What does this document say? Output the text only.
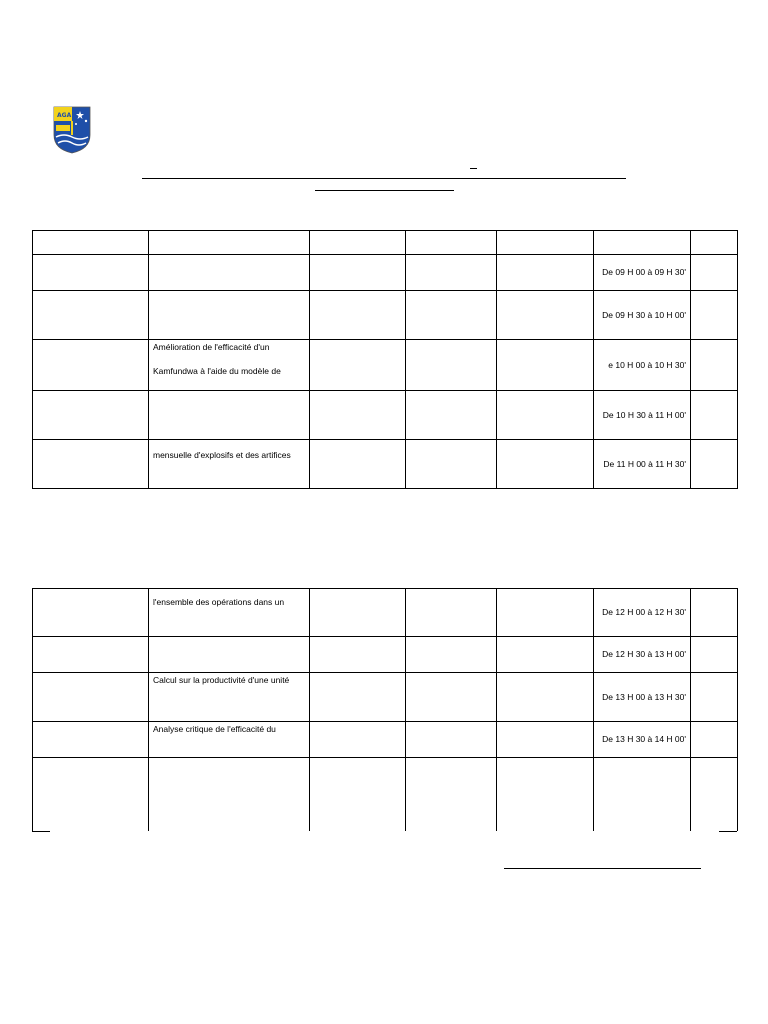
AGA

					De 09 H 00 à 09 H 30'	
					De 09 H 30 à 10 H 00'	

	Amélioration de l'efficacité d'un
Kamfundwa à l'aide du modèle de				e 10 H 00 à 10 H 30'	
					De 10 H 30 à 11 H 00'	

	mensuelle d'explosifs et des artifices				De 11 H 00 à 11 H 30'	

	l'ensemble des opérations dans un				De 12 H 00 à 12 H 30'	
					De 12 H 30 à 13 H 00'	

	Calcul sur la productivité d'une unité				De 13 H 00 à 13 H 30'	

	Analyse critique de l'efficacité du				De 13 H 30 à 14 H 00'	
